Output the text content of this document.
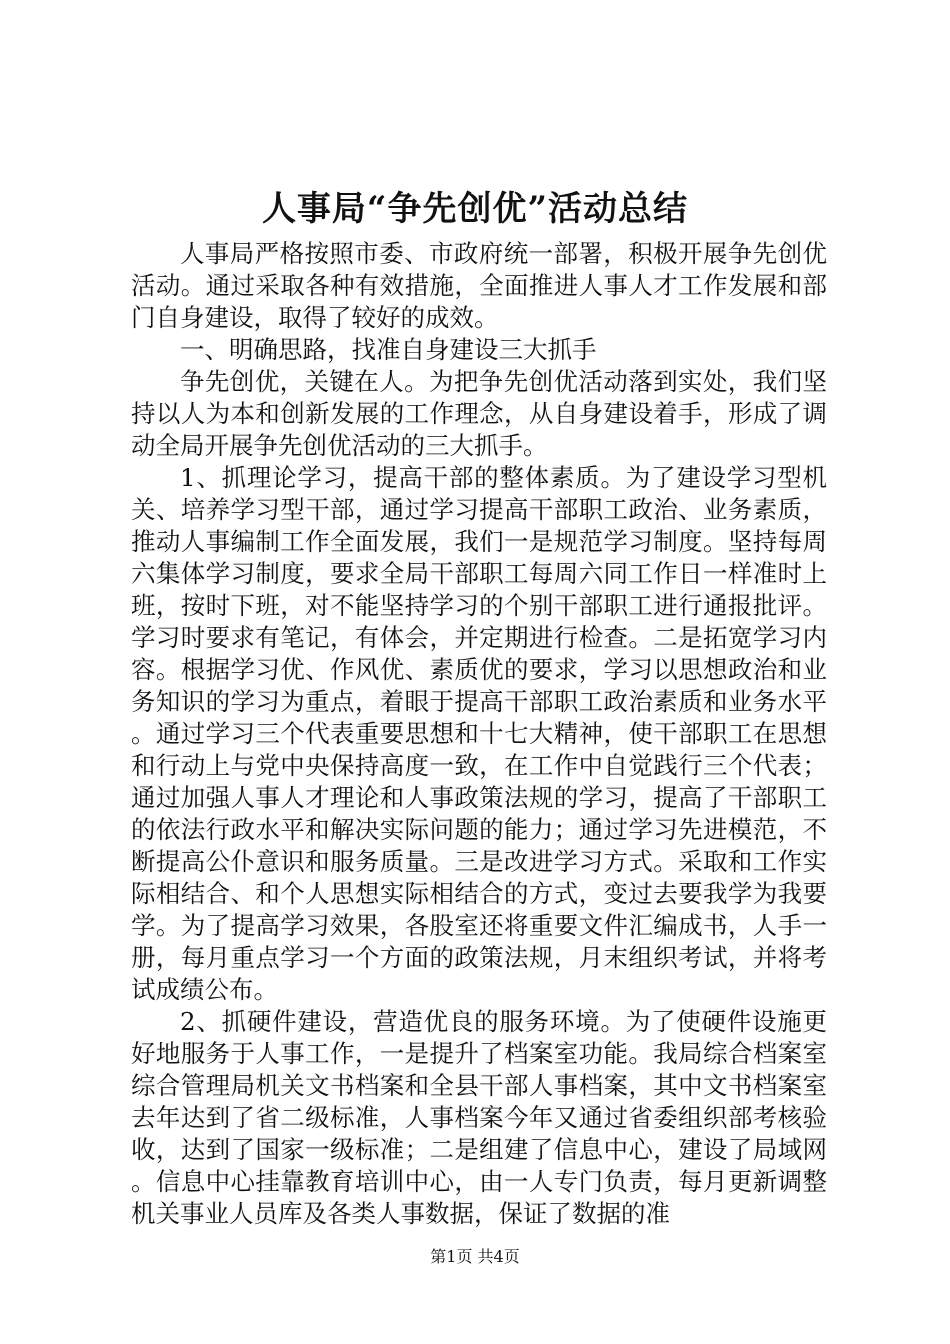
人事局“争先创优”活动总结

人事局严格按照市委、市政府统一部署，积极开展争先创优活动。通过采取各种有效措施，全面推进人事人才工作发展和部门自身建设，取得了较好的成效。

一、明确思路，找准自身建设三大抓手

争先创优，关键在人。为把争先创优活动落到实处，我们坚持以人为本和创新发展的工作理念，从自身建设着手，形成了调动全局开展争先创优活动的三大抓手。

1、抓理论学习，提高干部的整体素质。为了建设学习型机关、培养学习型干部，通过学习提高干部职工政治、业务素质，推动人事编制工作全面发展，我们一是规范学习制度。坚持每周六集体学习制度，要求全局干部职工每周六同工作日一样准时上班，按时下班，对不能坚持学习的个别干部职工进行通报批评。学习时要求有笔记，有体会，并定期进行检查。二是拓宽学习内容。根据学习优、作风优、素质优的要求，学习以思想政治和业务知识的学习为重点，着眼于提高干部职工政治素质和业务水平。通过学习三个代表重要思想和十七大精神，使干部职工在思想和行动上与党中央保持高度一致，在工作中自觉践行三个代表；通过加强人事人才理论和人事政策法规的学习，提高了干部职工的依法行政水平和解决实际问题的能力；通过学习先进模范，不断提高公仆意识和服务质量。三是改进学习方式。采取和工作实际相结合、和个人思想实际相结合的方式，变过去要我学为我要学。为了提高学习效果，各股室还将重要文件汇编成书，人手一册，每月重点学习一个方面的政策法规，月末组织考试，并将考试成绩公布。

2、抓硬件建设，营造优良的服务环境。为了使硬件设施更好地服务于人事工作，一是提升了档案室功能。我局综合档案室综合管理局机关文书档案和全县干部人事档案，其中文书档案室去年达到了省二级标准，人事档案今年又通过省委组织部考核验收，达到了国家一级标准；二是组建了信息中心，建设了局域网。信息中心挂靠教育培训中心，由一人专门负责，每月更新调整机关事业人员库及各类人事数据，保证了数据的准

第1页 共4页
